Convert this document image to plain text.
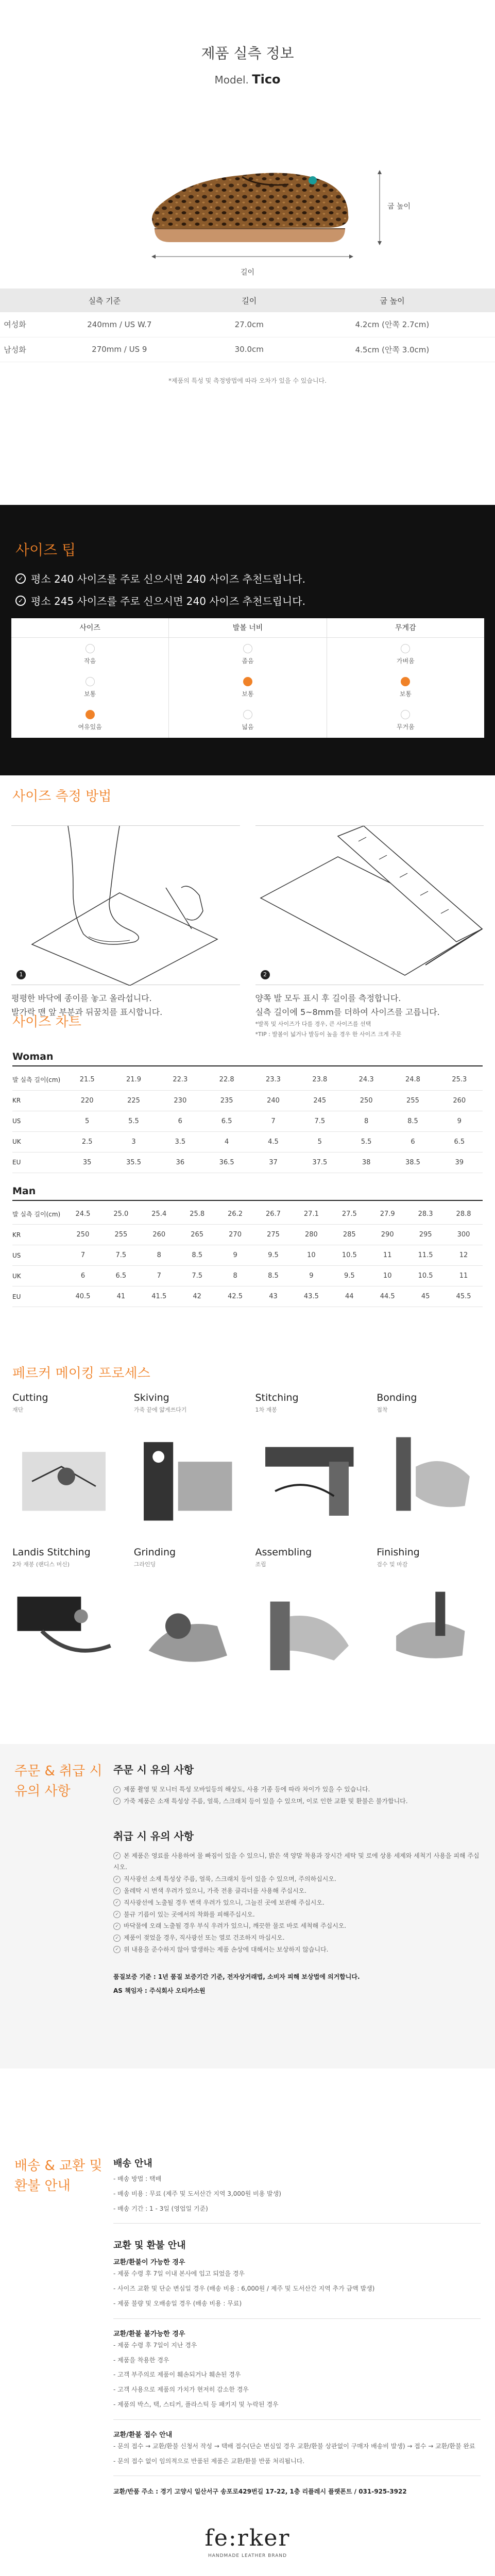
제품 실측 정보
Model. Tico
굽 높이
길이
실측 기준		길이	굽 높이
여성화	240mm / US W.7	27.0cm	4.2cm (안쪽 2.7cm)
남성화	270mm / US 9	30.0cm	4.5cm (안쪽 3.0cm)
*제품의 특성 및 측정방법에 따라 오차가 있을 수 있습니다.
사이즈 팁
✓ 평소 240 사이즈를 주로 신으시면 240 사이즈 추천드립니다.
✓ 평소 245 사이즈를 주로 신으시면 240 사이즈 추천드립니다.
사이즈
작음
보통
여유있음
발볼 너비
좁음
보통
넓음
무게감
가벼움
보통
무거움
사이즈 측정 방법
1	2
평평한 바닥에 종이를 놓고 올라섭니다.
발가락 맨 앞 부분과 뒤꿈치를 표시합니다.
양쪽 발 모두 표시 후 길이를 측정합니다.
실측 길이에 5~8mm를 더하여 사이즈를 고릅니다.
*발폭 및 사이즈가 다를 경우, 큰 사이즈를 선택
*TIP : 발볼이 넓거나 발등이 높을 경우 한 사이즈 크게 주문
사이즈 차트
Woman
발 실측 길이(cm)	21.5	21.9	22.3	22.8	23.3	23.8	24.3	24.8	25.3
KR	220	225	230	235	240	245	250	255	260
US	5	5.5	6	6.5	7	7.5	8	8.5	9
UK	2.5	3	3.5	4	4.5	5	5.5	6	6.5
EU	35	35.5	36	36.5	37	37.5	38	38.5	39
Man
발 실측 길이(cm)	24.5	25.0	25.4	25.8	26.2	26.7	27.1	27.5	27.9	28.3	28.8
KR	250	255	260	265	270	275	280	285	290	295	300
US	7	7.5	8	8.5	9	9.5	10	10.5	11	11.5	12
UK	6	6.5	7	7.5	8	8.5	9	9.5	10	10.5	11
EU	40.5	41	41.5	42	42.5	43	43.5	44	44.5	45	45.5
페르커 메이킹 프로세스
Cutting
재단
Skiving
가죽 끝에 얇게쓰다기
Stitching
1차 재봉
Bonding
접착
Landis Stitching
2차 재봉 (랜디스 머신)
Grinding
그라인딩
Assembling
조립
Finishing
검수 및 마감
주문 & 취급 시 유의 사항
주문 시 유의 사항
✓ 제품 촬영 및 모니터 특성 모바일등의 해상도, 사용 기종 등에 따라 차이가 있을 수 있습니다.
✓ 가죽 제품은 소재 특성상 주름, 얼룩, 스크래치 등이 있을 수 있으며, 이로 인한 교환 및 환불은 불가합니다.
취급 시 유의 사항
✓ 본 제품은 영료를 사용하여 물 빠짐이 있을 수 있으니, 밝은 색 양말 착용과 장시간 세탁 및 로에 상용 세제와 세척기 사용을 피해 주십시오.
✓ 직사광선 소재 특성상 주름, 얼룩, 스크래치 등이 있을 수 있으며, 주의하십시오.
✓ 올레탁 시 변색 우려가 있으니, 가죽 전용 클리너를 사용해 주십시오.
✓ 직사광선에 노출될 경우 변색 우려가 있으니, 그늘진 곳에 보관해 주십시오.
✓ 불규 기름이 있는 곳에서의 착화를 피해주십시오.
✓ 바닥물에 오래 노출될 경우 부식 우려가 있으니, 깨끗한 물로 바로 세척해 주십시오.
✓ 제품이 젖었을 경우, 직사광선 또는 열로 건조하지 마십시오.
✓ 위 내용을 준수하지 않아 발생하는 제품 손상에 대해서는 보상하지 않습니다.
품질보증 기준 : 1년 품질 보증기간 기준, 전자상거래법, 소비자 피해 보상법에 의거합니다.
AS 책임자 : 주식회사 오티카소원
배송 & 교환 및 환불 안내
배송 안내
- 배송 방법 : 택배
- 배송 비용 : 무료 (제주 및 도서산간 지역 3,000원 비용 발생)
- 배송 기간 : 1 - 3일 (영업일 기준)
교환 및 환불 안내
교환/환불이 가능한 경우
- 제품 수령 후 7일 이내 본사에 입고 되었을 경우
- 사이즈 교환 및 단순 변심일 경우 (배송 비용 : 6,000원 / 제주 및 도서산간 지역 추가 금액 발생)
- 제품 불량 및 오배송일 경우 (배송 비용 : 무료)
교환/환불 불가능한 경우
- 제품 수령 후 7일이 지난 경우
- 제품을 착용한 경우
- 고객 부주의로 제품이 훼손되거나 훼손된 경우
- 고객 사용으로 제품의 가치가 현저히 감소한 경우
- 제품의 박스, 택, 스티커, 플라스틱 등 패키지 및 누락된 경우
교환/환불 접수 안내
- 문의 접수 → 교환/환불 신청서 작성 → 택배 접수(단순 변심일 경우 교환/환불 상관없이 구매자 배송비 발생) → 접수 → 교환/환불 완료
- 문의 접수 없이 임의적으로 반품된 제품은 교환/환불 반품 처리됩니다.
교환/반품 주소 : 경기 고양시 일산서구 송포로429번길 17-22, 1층 리플레시 플랫폰트 / 031-925-3922
fe:rker
HANDMADE LEATHER BRAND
